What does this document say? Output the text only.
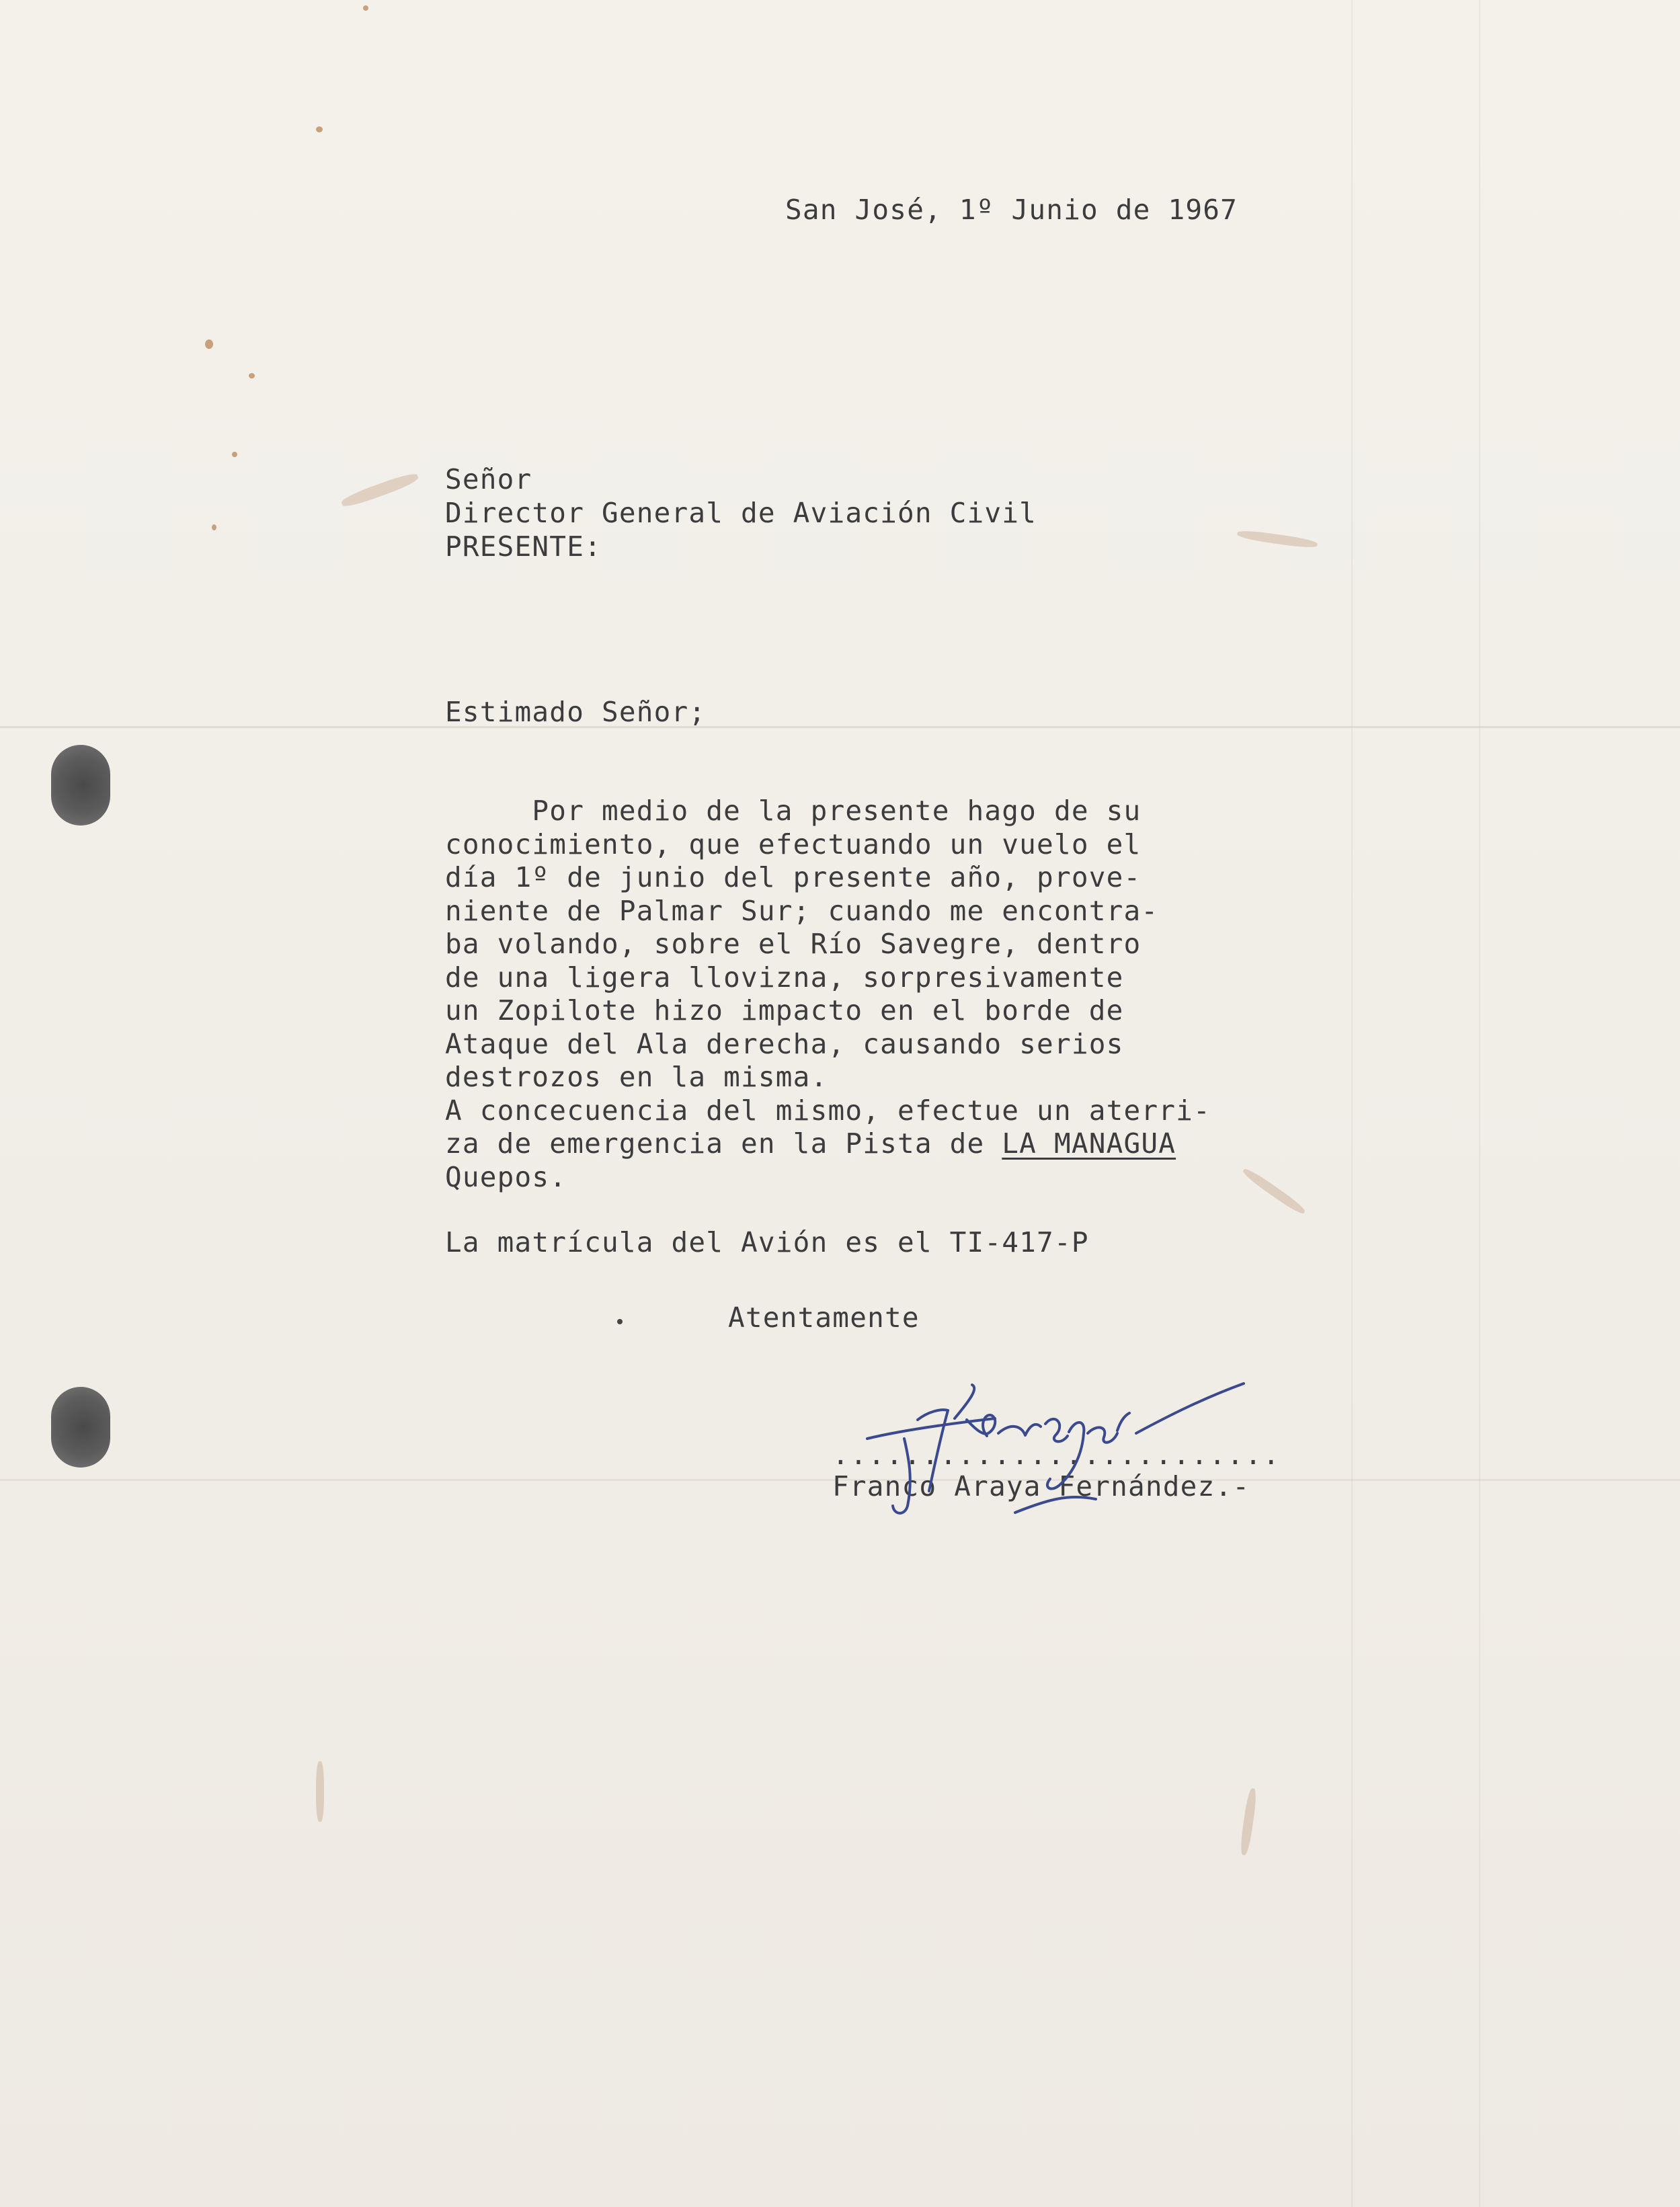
San José, 1º Junio de 1967
Señor
Director General de Aviación Civil
PRESENTE:
Estimado Señor;
Por medio de la presente hago de su
conocimiento, que efectuando un vuelo el
día 1º de junio del presente año, prove-
niente de Palmar Sur; cuando me encontra-
ba volando, sobre el Río Savegre, dentro
de una ligera llovizna, sorpresivamente
un Zopilote hizo impacto en el borde de
Ataque del Ala derecha, causando serios
destrozos en la misma.
A concecuencia del mismo, efectue un aterri-
za de emergencia en la Pista de LA MANAGUA
Quepos.
La matrícula del Avión es el TI-417-P
Atentamente
.........................
Franco Araya Fernández.-
